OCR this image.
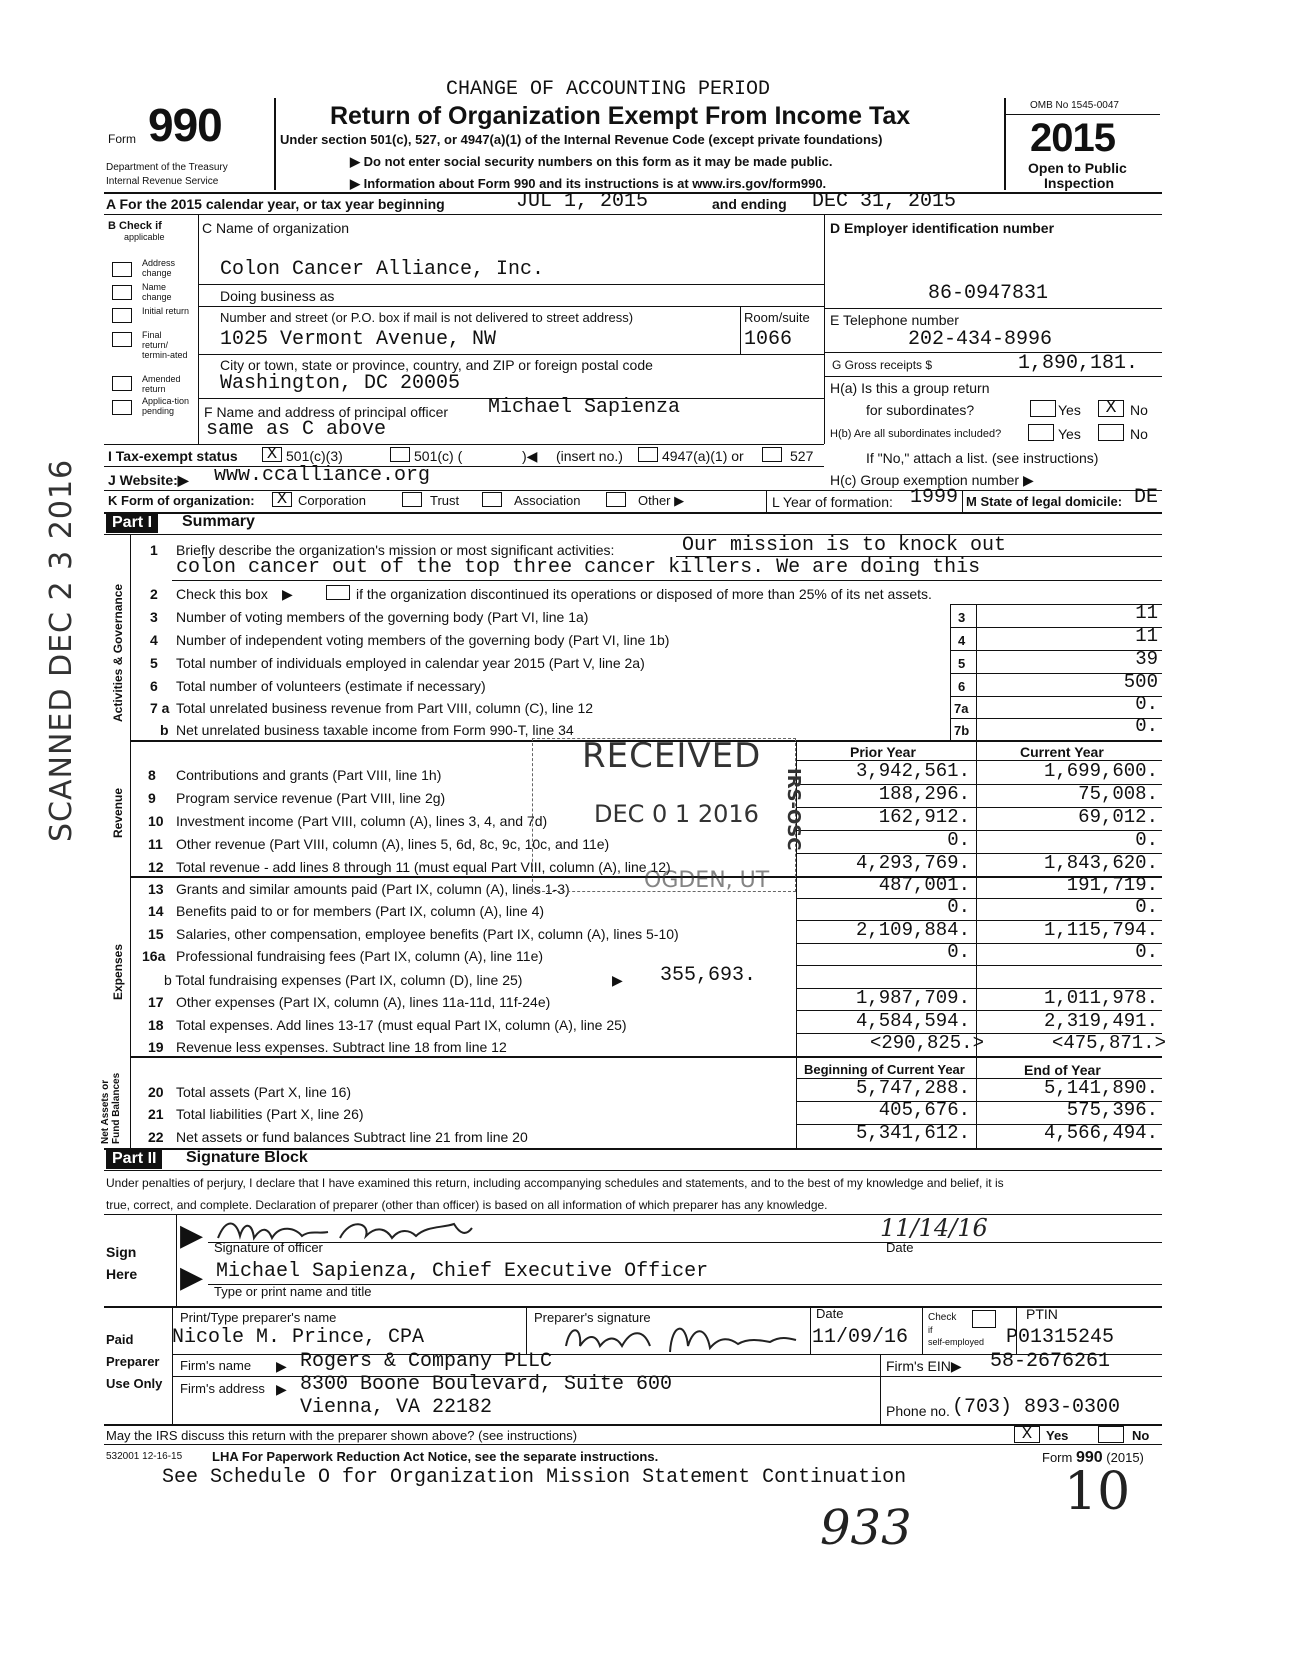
CHANGE OF ACCOUNTING PERIOD
Form 990
Department of the Treasury
Internal Revenue Service
Return of Organization Exempt From Income Tax
Under section 501(c), 527, or 4947(a)(1) of the Internal Revenue Code (except private foundations)
▶ Do not enter social security numbers on this form as it may be made public.
▶ Information about Form 990 and its instructions is at www.irs.gov/form990.
OMB No 1545-0047
2015
Open to Public
Inspection
A For the 2015 calendar year, or tax year beginning	JUL 1, 2015	and ending DEC 31, 2015
B Check if
applicable
Address change
Name change
Initial return
Final return/ termin-ated
Amended return
Applica-tion pending
C Name of organization
Colon Cancer Alliance, Inc.
Doing business as
Number and street (or P.O. box if mail is not delivered to street address)	Room/suite
1025 Vermont Avenue, NW	1066
City or town, state or province, country, and ZIP or foreign postal code
Washington, DC 20005
F Name and address of principal officer Michael Sapienza
same as C above
D Employer identification number
86-0947831
E Telephone number
202-434-8996
G Gross receipts $	1,890,181.
H(a) Is this a group return
for subordinates?	Yes	X No
H(b) Are all subordinates included?	Yes	No
If "No," attach a list. (see instructions)
H(c) Group exemption number ▶
I Tax-exempt status X 501(c)(3)	501(c) (	)◀ (insert no.)	4947(a)(1) or	527
J Website:▶ www.ccalliance.org
K Form of organization: X Corporation	Trust	Association	Other ▶	L Year of formation: 1999 M State of legal domicile: DE
Part I	Summary
Activities & Governance
Revenue
Expenses
Net Assets or Fund Balances
1 Briefly describe the organization's mission or most significant activities:	Our mission is to knock out
colon cancer out of the top three cancer killers. We are doing this
2 Check this box ▶	if the organization discontinued its operations or disposed of more than 25% of its net assets.
3 Number of voting members of the governing body (Part VI, line 1a)	3	11
4 Number of independent voting members of the governing body (Part VI, line 1b)	4	11
5 Total number of individuals employed in calendar year 2015 (Part V, line 2a)	5	39
6 Total number of volunteers (estimate if necessary)	6	500
7 a Total unrelated business revenue from Part VIII, column (C), line 12	7a	0.
b Net unrelated business taxable income from Form 990-T, line 34	7b	0.
Prior Year	Current Year
8 Contributions and grants (Part VIII, line 1h)	3,942,561.	1,699,600.
9 Program service revenue (Part VIII, line 2g)	188,296.	75,008.
10 Investment income (Part VIII, column (A), lines 3, 4, and 7d)	162,912.	69,012.
11 Other revenue (Part VIII, column (A), lines 5, 6d, 8c, 9c, 10c, and 11e)	0.	0.
12 Total revenue - add lines 8 through 11 (must equal Part VIII, column (A), line 12)	4,293,769.	1,843,620.
13 Grants and similar amounts paid (Part IX, column (A), lines 1-3)	487,001.	191,719.
14 Benefits paid to or for members (Part IX, column (A), line 4)	0.	0.
15 Salaries, other compensation, employee benefits (Part IX, column (A), lines 5-10)	2,109,884.	1,115,794.
16a Professional fundraising fees (Part IX, column (A), line 11e)	0.	0.
b Total fundraising expenses (Part IX, column (D), line 25)	▶ 355,693.
17 Other expenses (Part IX, column (A), lines 11a-11d, 11f-24e)	1,987,709.	1,011,978.
18 Total expenses. Add lines 13-17 (must equal Part IX, column (A), line 25)	4,584,594.	2,319,491.
19 Revenue less expenses. Subtract line 18 from line 12	<290,825.>	<475,871.>
Beginning of Current Year	End of Year
20 Total assets (Part X, line 16)	5,747,288.	5,141,890.
21 Total liabilities (Part X, line 26)	405,676.	575,396.
22 Net assets or fund balances Subtract line 21 from line 20	5,341,612.	4,566,494.
Part II	Signature Block
Under penalties of perjury, I declare that I have examined this return, including accompanying schedules and statements, and to the best of my knowledge and belief, it is
true, correct, and complete. Declaration of preparer (other than officer) is based on all information of which preparer has any knowledge.
Sign
Here
▶
▶
Signature of officer	Date
11/14/16
Michael Sapienza, Chief Executive Officer
Type or print name and title
Paid
Preparer
Use Only
Print/Type preparer's name	Preparer's signature	Date	Check
if
self-employed
PTIN
Nicole M. Prince, CPA	11/09/16	P01315245
Firm's name ▶ Rogers & Company PLLC	Firm's EIN▶ 58-2676261
Firm's address ▶ 8300 Boone Boulevard, Suite 600
Vienna, VA 22182	Phone no. (703) 893-0300
May the IRS discuss this return with the preparer shown above? (see instructions)	X	Yes	No
532001 12-16-15 LHA For Paperwork Reduction Act Notice, see the separate instructions.	Form 990 (2015)
See Schedule O for Organization Mission Statement Continuation
SCANNED DEC 2 3 2016	RECEIVED
DEC 0 1 2016 IRS-OSC
OGDEN, UT
933
10
